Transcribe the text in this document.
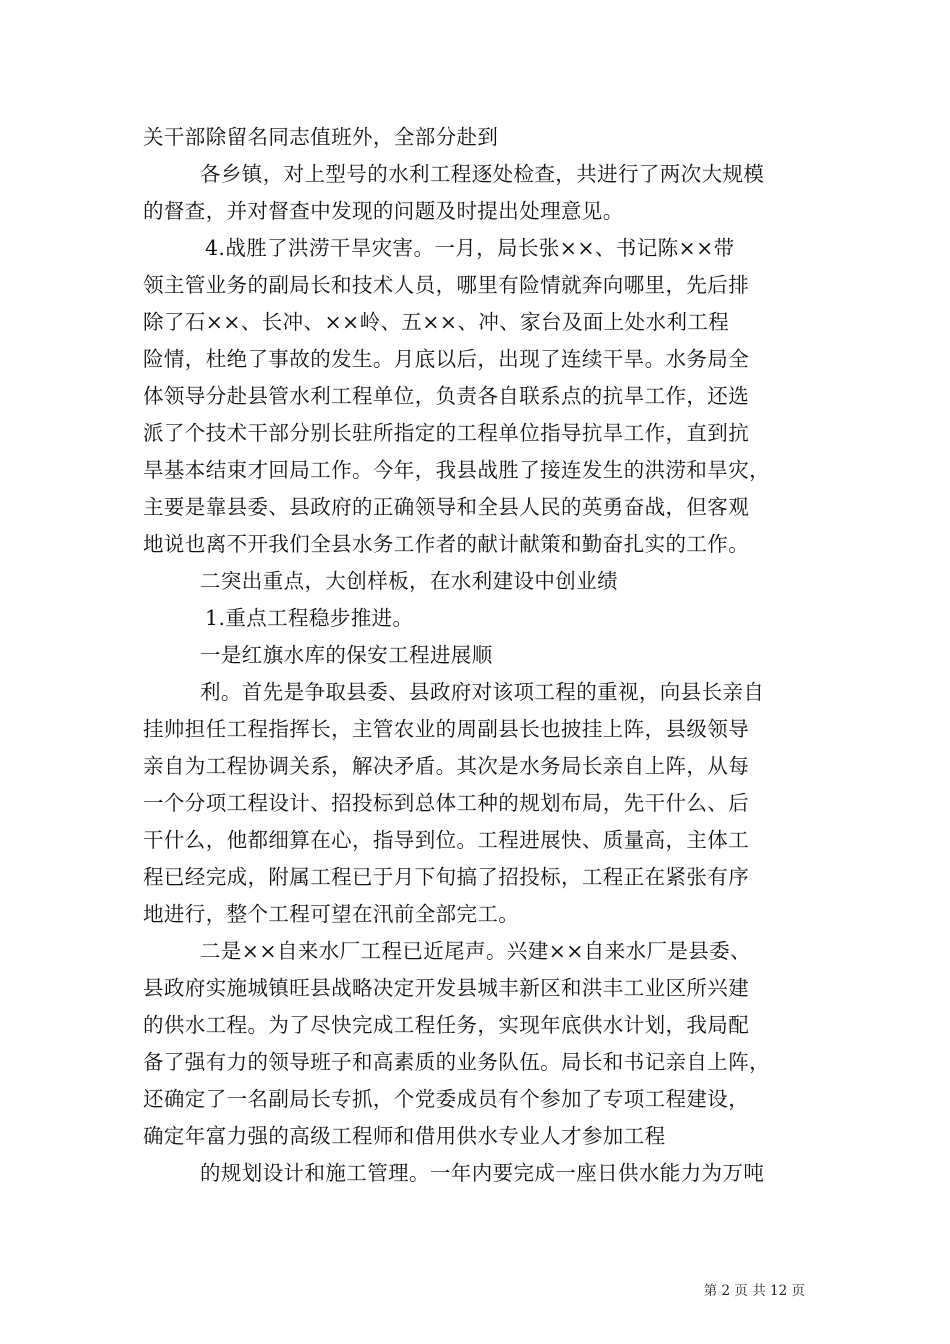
关干部除留名同志值班外，全部分赴到
各乡镇，对上型号的水利工程逐处检查，共进行了两次大规模
的督查，并对督查中发现的问题及时提出处理意见。
4.战胜了洪涝干旱灾害。一月，局长张××、书记陈××带
领主管业务的副局长和技术人员，哪里有险情就奔向哪里，先后排
除了石××、长冲、××岭、五××、冲、家台及面上处水利工程
险情，杜绝了事故的发生。月底以后，出现了连续干旱。水务局全
体领导分赴县管水利工程单位，负责各自联系点的抗旱工作，还选
派了个技术干部分别长驻所指定的工程单位指导抗旱工作，直到抗
旱基本结束才回局工作。今年，我县战胜了接连发生的洪涝和旱灾，
主要是靠县委、县政府的正确领导和全县人民的英勇奋战，但客观
地说也离不开我们全县水务工作者的献计献策和勤奋扎实的工作。
二突出重点，大创样板，在水利建设中创业绩
1.重点工程稳步推进。
一是红旗水库的保安工程进展顺
利。首先是争取县委、县政府对该项工程的重视，向县长亲自
挂帅担任工程指挥长，主管农业的周副县长也披挂上阵，县级领导
亲自为工程协调关系，解决矛盾。其次是水务局长亲自上阵，从每
一个分项工程设计、招投标到总体工种的规划布局，先干什么、后
干什么，他都细算在心，指导到位。工程进展快、质量高，主体工
程已经完成，附属工程已于月下旬搞了招投标，工程正在紧张有序
地进行，整个工程可望在汛前全部完工。
二是××自来水厂工程已近尾声。兴建××自来水厂是县委、
县政府实施城镇旺县战略决定开发县城丰新区和洪丰工业区所兴建
的供水工程。为了尽快完成工程任务，实现年底供水计划，我局配
备了强有力的领导班子和高素质的业务队伍。局长和书记亲自上阵，
还确定了一名副局长专抓，个党委成员有个参加了专项工程建设，
确定年富力强的高级工程师和借用供水专业人才参加工程
的规划设计和施工管理。一年内要完成一座日供水能力为万吨
第 2 页 共 12 页
